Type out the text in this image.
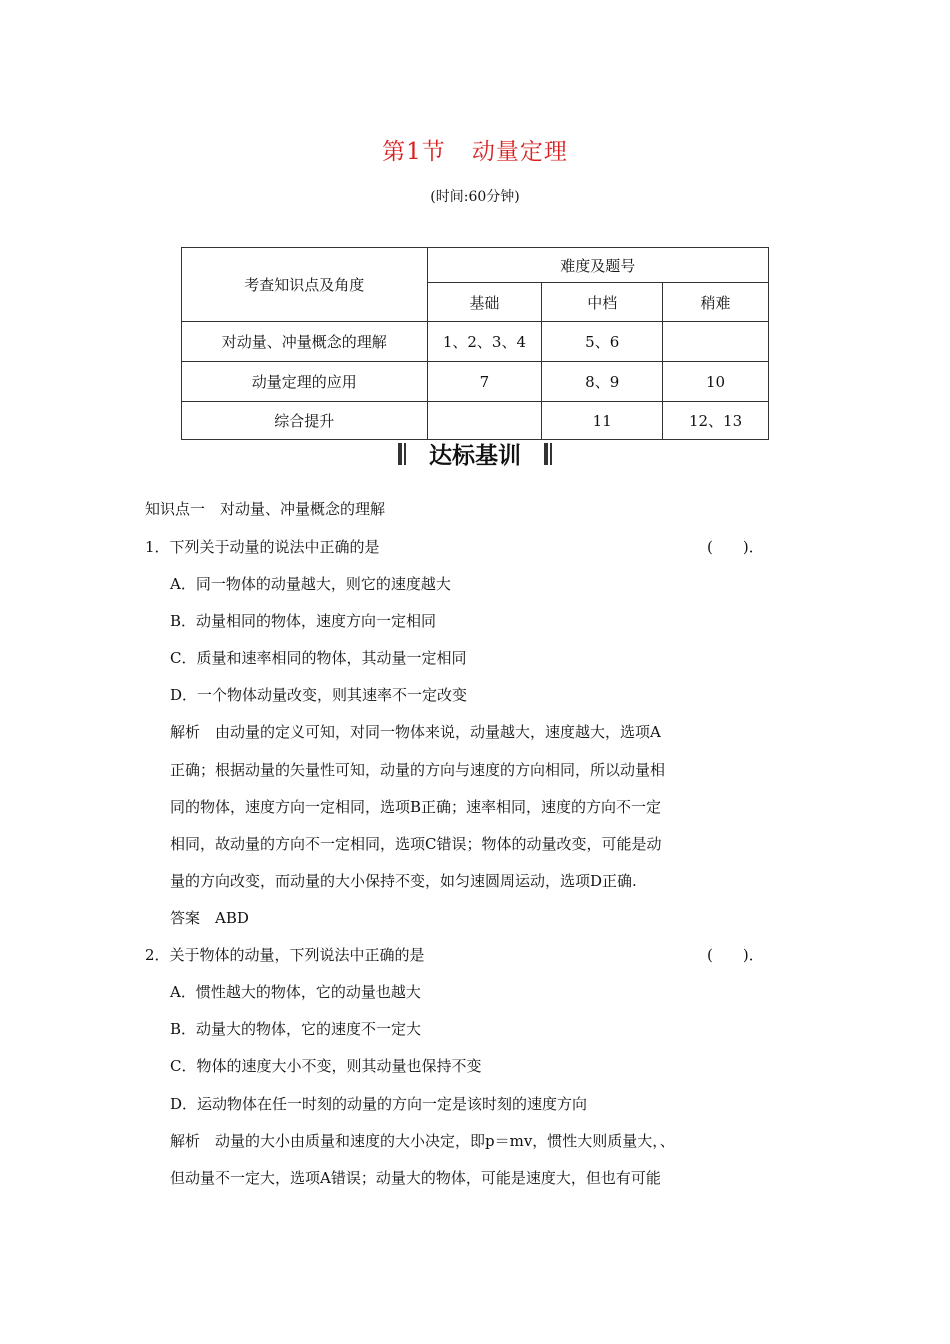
第1节 动量定理
(时间:60分钟)
考查知识点及角度	难度及题号		
	基础	中档	稍难
对动量、冲量概念的理解	1、2、3、4	5、6	
动量定理的应用	7	8、9	10
综合提升		11	12、13
达标基训
知识点一　对动量、冲量概念的理解
1．下列关于动量的说法中正确的是	(　　)．
A．同一物体的动量越大，则它的速度越大
B．动量相同的物体，速度方向一定相同
C．质量和速率相同的物体，其动量一定相同
D．一个物体动量改变，则其速率不一定改变
解析　由动量的定义可知，对同一物体来说，动量越大，速度越大，选项A
正确；根据动量的矢量性可知，动量的方向与速度的方向相同，所以动量相
同的物体，速度方向一定相同，选项B正确；速率相同，速度的方向不一定
相同，故动量的方向不一定相同，选项C错误；物体的动量改变，可能是动
量的方向改变，而动量的大小保持不变，如匀速圆周运动，选项D正确.
答案　ABD
2．关于物体的动量，下列说法中正确的是	(　　)．
A．惯性越大的物体，它的动量也越大
B．动量大的物体，它的速度不一定大
C．物体的速度大小不变，则其动量也保持不变
D．运动物体在任一时刻的动量的方向一定是该时刻的速度方向
解析　动量的大小由质量和速度的大小决定，即p＝mv，惯性大则质量大，、
但动量不一定大，选项A错误；动量大的物体，可能是速度大，但也有可能
